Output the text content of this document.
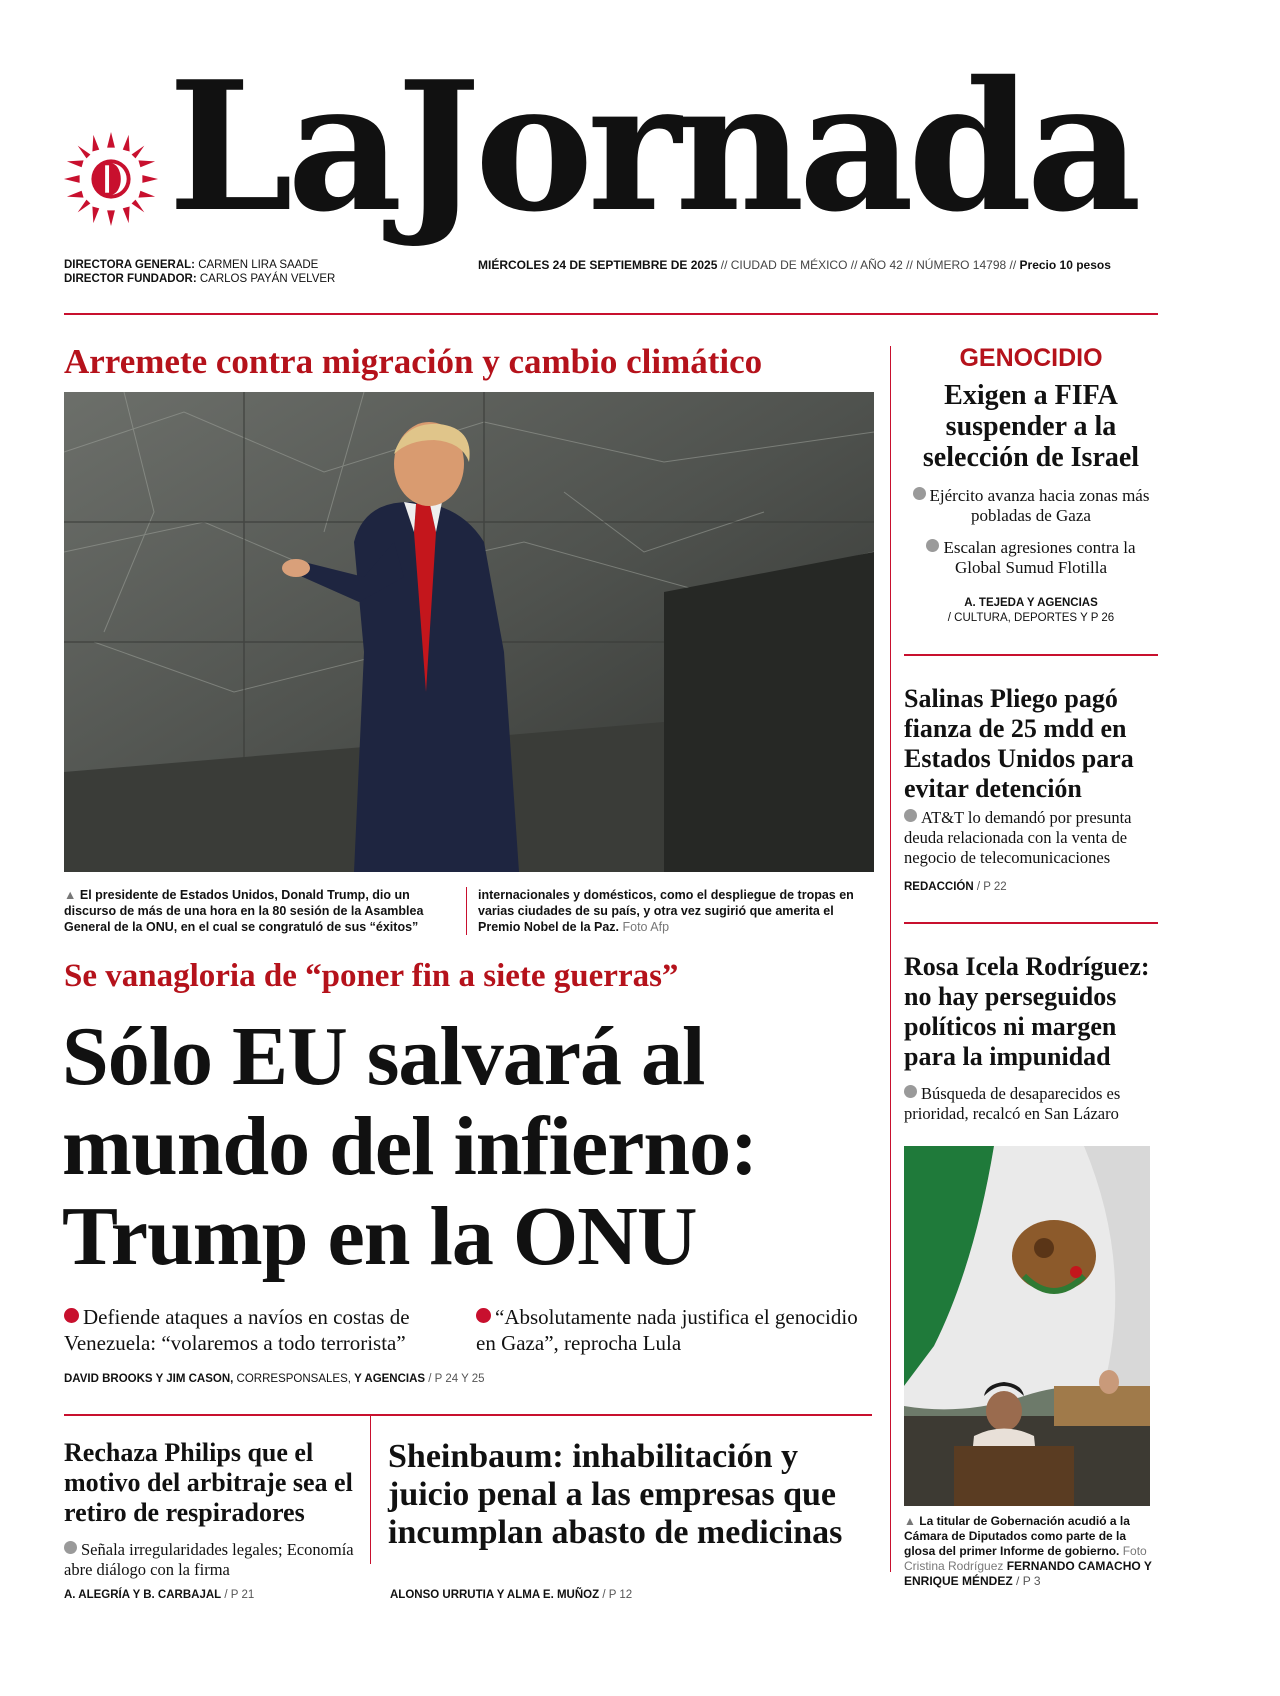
LaJornada
DIRECTORA GENERAL: CARMEN LIRA SAADE
DIRECTOR FUNDADOR: CARLOS PAYÁN VELVER
MIÉRCOLES 24 DE SEPTIEMBRE DE 2025 // CIUDAD DE MÉXICO // AÑO 42 // NÚMERO 14798 // Precio 10 pesos
Arremete contra migración y cambio climático
▲ El presidente de Estados Unidos, Donald Trump, dio un discurso de más de una hora en la 80 sesión de la Asamblea General de la ONU, en el cual se congratuló de sus “éxitos”
internacionales y domésticos, como el despliegue de tropas en varias ciudades de su país, y otra vez sugirió que amerita el Premio Nobel de la Paz. Foto Afp
Se vanagloria de “poner fin a siete guerras”
Sólo EU salvará al
mundo del infierno:
Trump en la ONU
Defiende ataques a navíos en costas de Venezuela: “volaremos a todo terrorista”
“Absolutamente nada justifica el genocidio en Gaza”, reprocha Lula
DAVID BROOKS Y JIM CASON, CORRESPONSALES, Y AGENCIAS / P 24 Y 25
Rechaza Philips que el motivo del arbitraje sea el retiro de respiradores
Señala irregularidades legales; Economía abre diálogo con la firma
A. ALEGRÍA Y B. CARBAJAL / P 21
Sheinbaum: inhabilitación y juicio penal a las empresas que incumplan abasto de medicinas
ALONSO URRUTIA Y ALMA E. MUÑOZ / P 12
GENOCIDIO
Exigen a FIFA suspender a la selección de Israel
Ejército avanza hacia zonas más pobladas de Gaza
Escalan agresiones contra la Global Sumud Flotilla
A. TEJEDA Y AGENCIAS
/ CULTURA, DEPORTES Y P 26
Salinas Pliego pagó fianza de 25 mdd en Estados Unidos para evitar detención
AT&T lo demandó por presunta deuda relacionada con la venta de negocio de telecomunicaciones
REDACCIÓN / P 22
Rosa Icela Rodríguez: no hay perseguidos políticos ni margen para la impunidad
Búsqueda de desaparecidos es prioridad, recalcó en San Lázaro
▲ La titular de Gobernación acudió a la Cámara de Diputados como parte de la glosa del primer Informe de gobierno. Foto Cristina Rodríguez FERNANDO CAMACHO Y ENRIQUE MÉNDEZ / P 3
